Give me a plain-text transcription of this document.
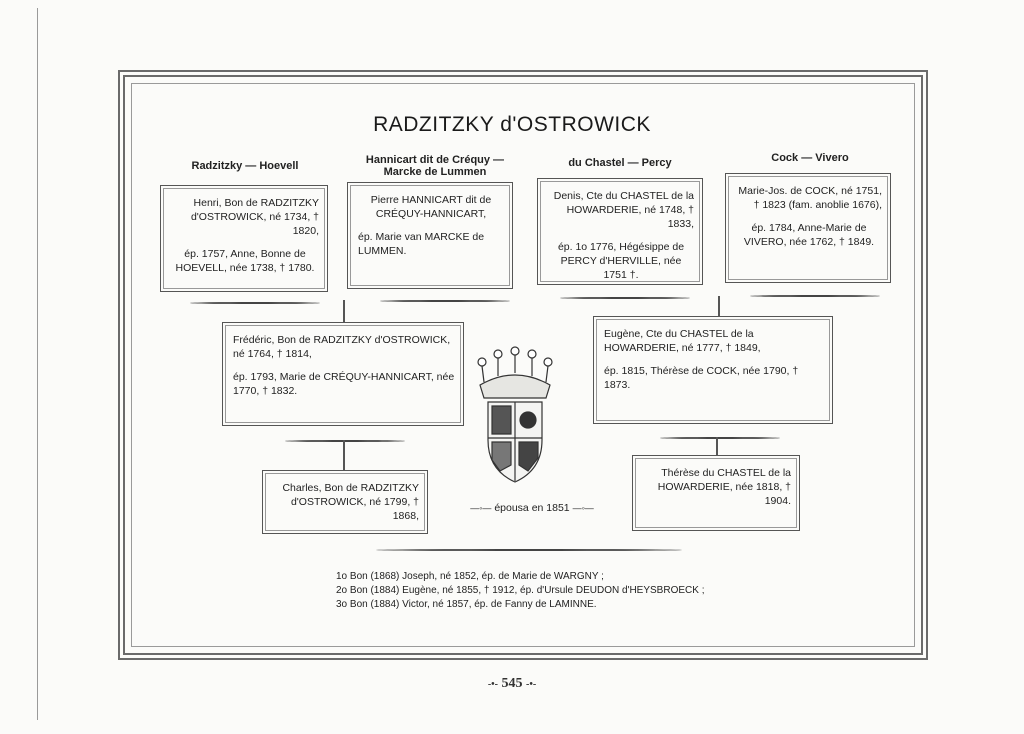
RADZITZKY d'OSTROWICK
Radzitzky — Hoevell	Hannicart dit de Créquy —
Marcke de Lummen
du Chastel — Percy	Cock — Vivero

Henri, Bon de RADZITZKY d'OSTROWICK, né 1734, † 1820,

ép. 1757, Anne, Bonne de HOEVELL, née 1738, † 1780.

Pierre HANNICART dit de CRÉQUY-HANNICART,

ép. Marie van MARCKE de LUMMEN.

Denis, Cte du CHASTEL de la HOWARDERIE, né 1748, † 1833,

ép. 1o 1776, Hégésippe de PERCY d'HERVILLE, née 1751 †.

Marie-Jos. de COCK, né 1751, † 1823 (fam. anoblie 1676),

ép. 1784, Anne-Marie de VIVERO, née 1762, † 1849.

Frédéric, Bon de RADZITZKY d'OSTROWICK, né 1764, † 1814,

ép. 1793, Marie de CRÉQUY-HANNICART, née 1770, † 1832.

Eugène, Cte du CHASTEL de la HOWARDERIE, né 1777, † 1849,

ép. 1815, Thérèse de COCK, née 1790, † 1873.

Charles, Bon de RADZITZKY d'OSTROWICK, né 1799, † 1868,

Thérèse du CHASTEL de la HOWARDERIE, née 1818, † 1904.

—◦— épousa en 1851 —◦—
1o Bon (1868) Joseph, né 1852, ép. de Marie de WARGNY ;
2o Bon (1884) Eugène, né 1855, † 1912, ép. d'Ursule DEUDON d'HEYSBROECK ;
3o Bon (1884) Victor, né 1857, ép. de Fanny de LAMINNE.
-•- 545 -•-
